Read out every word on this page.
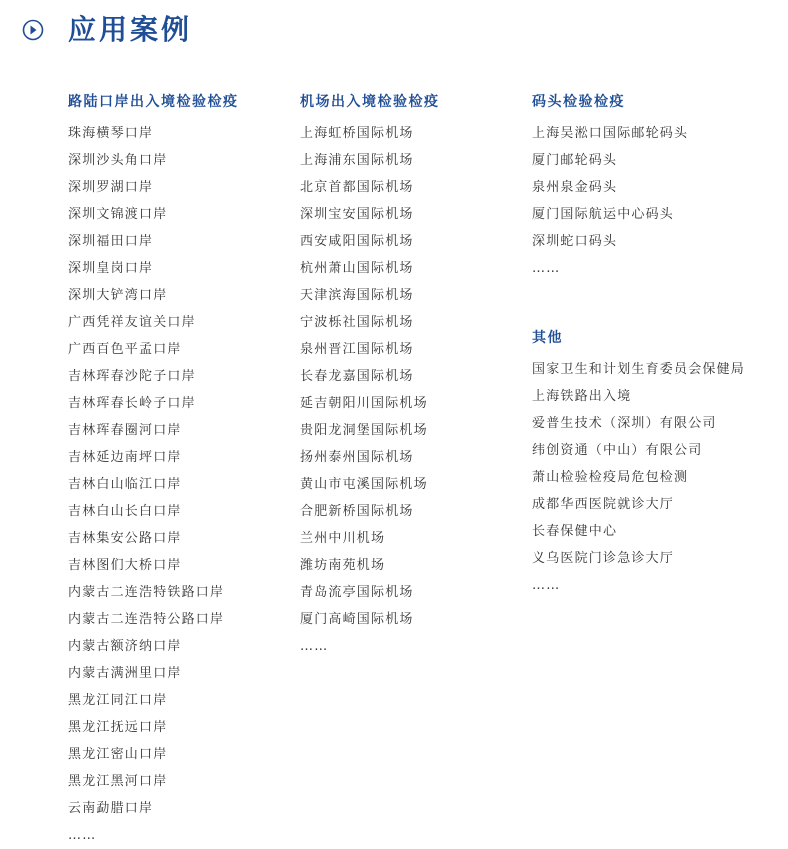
应用案例
路陆口岸出入境检验检疫
珠海横琴口岸
深圳沙头角口岸
深圳罗湖口岸
深圳文锦渡口岸
深圳福田口岸
深圳皇岗口岸
深圳大铲湾口岸
广西凭祥友谊关口岸
广西百色平孟口岸
吉林珲春沙陀子口岸
吉林珲春长岭子口岸
吉林珲春圈河口岸
吉林延边南坪口岸
吉林白山临江口岸
吉林白山长白口岸
吉林集安公路口岸
吉林图们大桥口岸
内蒙古二连浩特铁路口岸
内蒙古二连浩特公路口岸
内蒙古额济纳口岸
内蒙古满洲里口岸
黑龙江同江口岸
黑龙江抚远口岸
黑龙江密山口岸
黑龙江黑河口岸
云南勐腊口岸
……
机场出入境检验检疫
上海虹桥国际机场
上海浦东国际机场
北京首都国际机场
深圳宝安国际机场
西安咸阳国际机场
杭州萧山国际机场
天津滨海国际机场
宁波栎社国际机场
泉州晋江国际机场
长春龙嘉国际机场
延吉朝阳川国际机场
贵阳龙洞堡国际机场
扬州泰州国际机场
黄山市屯溪国际机场
合肥新桥国际机场
兰州中川机场
潍坊南苑机场
青岛流亭国际机场
厦门高崎国际机场
……
码头检验检疫
上海吴淞口国际邮轮码头
厦门邮轮码头
泉州泉金码头
厦门国际航运中心码头
深圳蛇口码头
……
其他
国家卫生和计划生育委员会保健局
上海铁路出入境
爱普生技术（深圳）有限公司
纬创资通（中山）有限公司
萧山检验检疫局危包检测
成都华西医院就诊大厅
长春保健中心
义乌医院门诊急诊大厅
……
